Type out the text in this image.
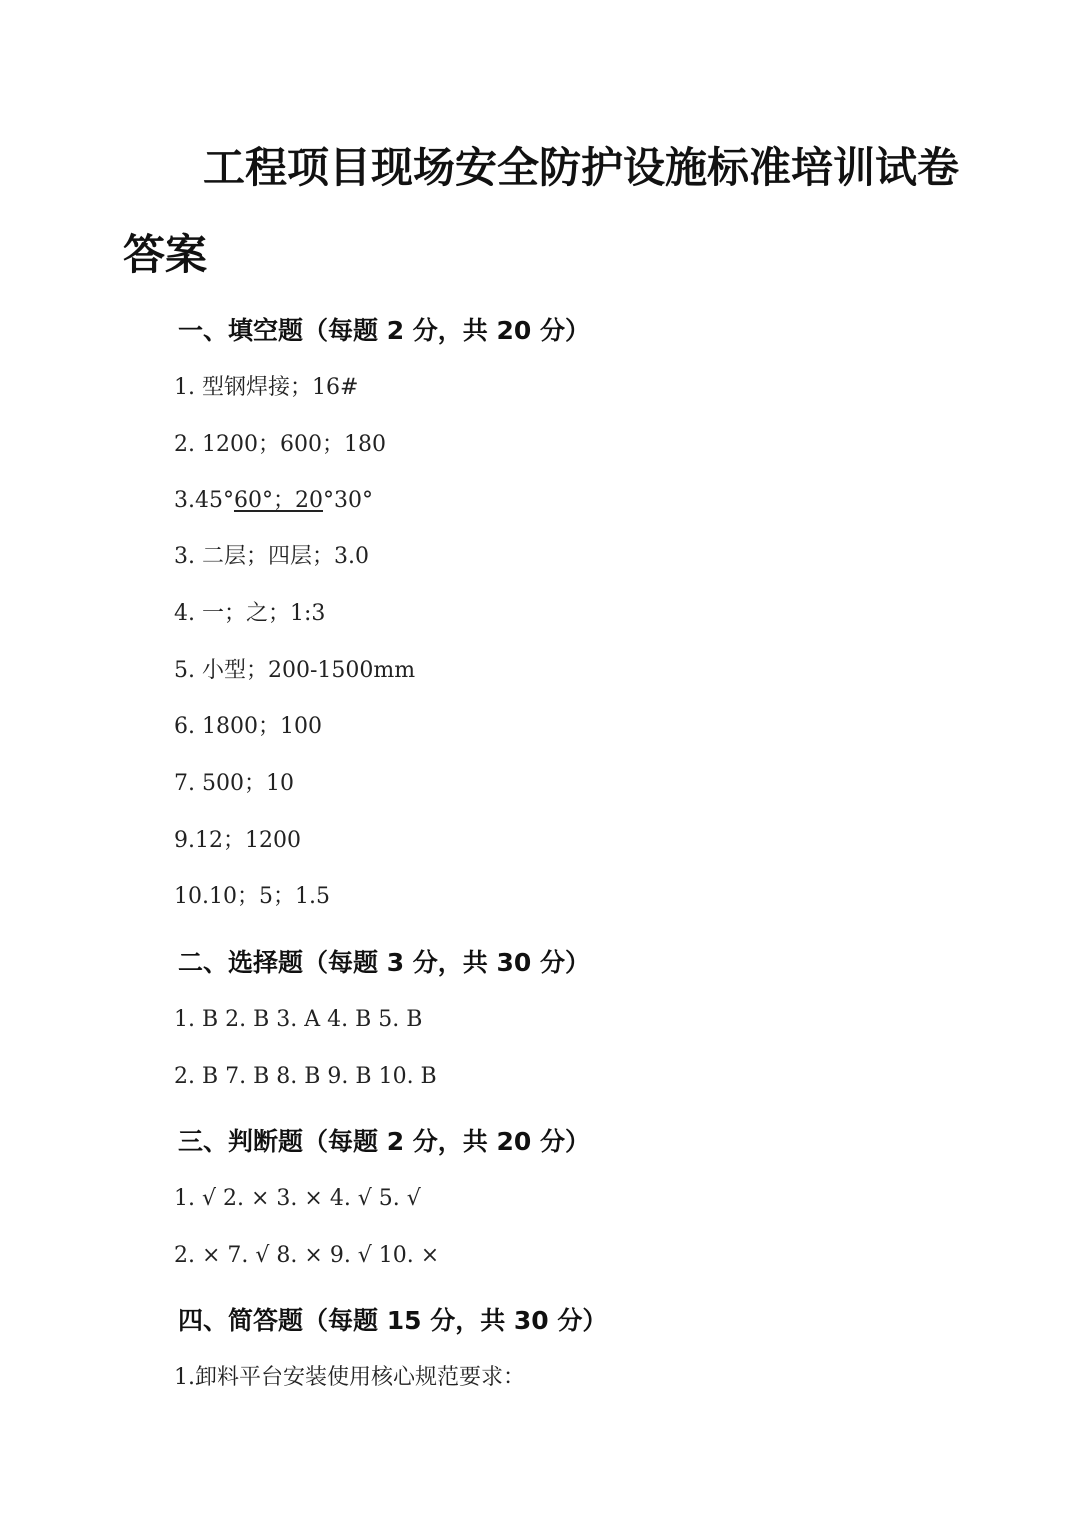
工程项目现场安全防护设施标准培训试卷
答案
一、填空题（每题 2 分，共 20 分）

1. 型钢焊接；16#

2. 1200；600；180

3.45°60°；20°30°

3. 二层；四层；3.0

4. 一；之；1:3

5. 小型；200-1500mm

6. 1800；100

7. 500；10

9.12；1200

10.10；5；1.5

二、选择题（每题 3 分，共 30 分）

1. B 2. B 3. A 4. B 5. B

2. B 7. B 8. B 9. B 10. B

三、判断题（每题 2 分，共 20 分）

1. √ 2. × 3. × 4. √ 5. √

2. × 7. √ 8. × 9. √ 10. ×

四、简答题（每题 15 分，共 30 分）

1.卸料平台安装使用核心规范要求：
